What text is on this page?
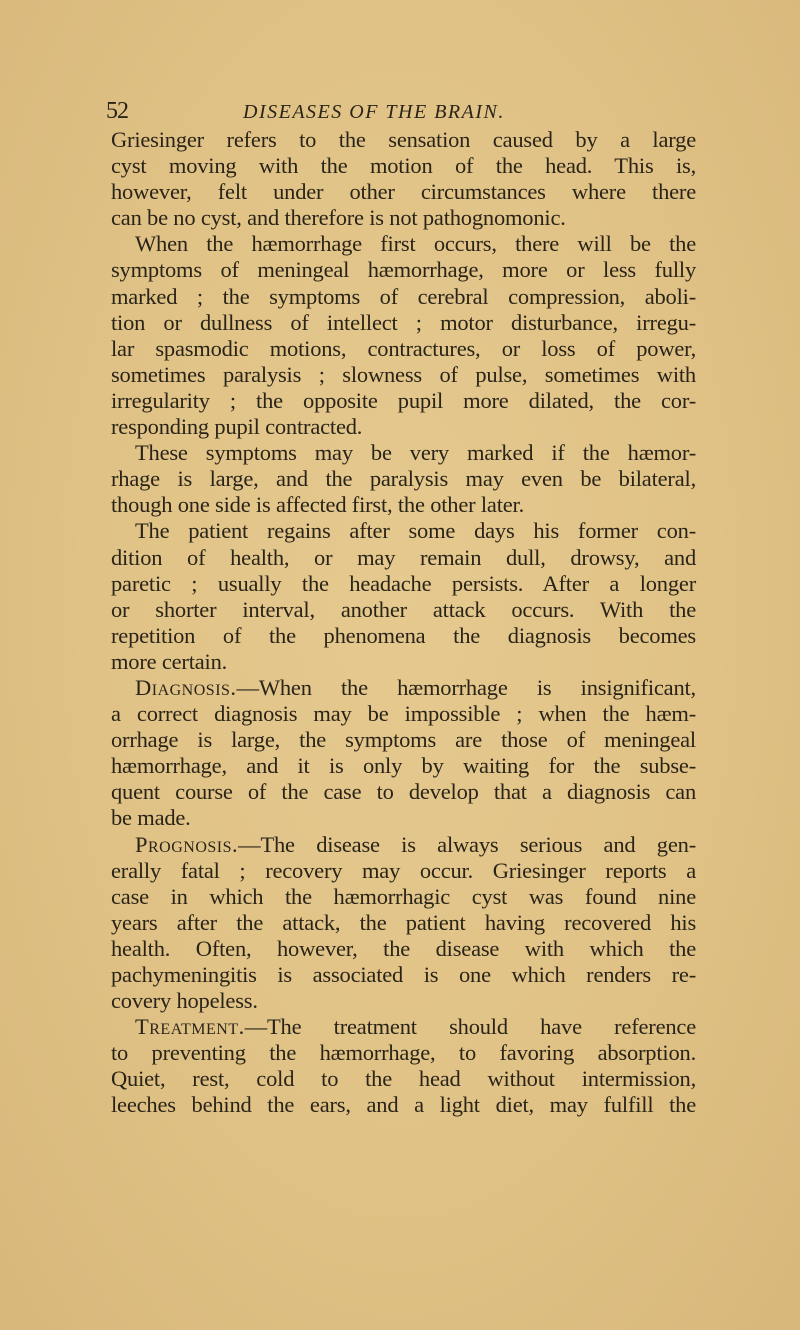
52	DISEASES OF THE BRAIN.
Griesinger refers to the sensation caused by a large
cyst moving with the motion of the head. This is,
however, felt under other circumstances where there
can be no cyst, and therefore is not pathognomonic.
When the hæmorrhage first occurs, there will be the
symptoms of meningeal hæmorrhage, more or less fully
marked ; the symptoms of cerebral compression, aboli-
tion or dullness of intellect ; motor disturbance, irregu-
lar spasmodic motions, contractures, or loss of power,
sometimes paralysis ; slowness of pulse, sometimes with
irregularity ; the opposite pupil more dilated, the cor-
responding pupil contracted.
These symptoms may be very marked if the hæmor-
rhage is large, and the paralysis may even be bilateral,
though one side is affected first, the other later.
The patient regains after some days his former con-
dition of health, or may remain dull, drowsy, and
paretic ; usually the headache persists. After a longer
or shorter interval, another attack occurs. With the
repetition of the phenomena the diagnosis becomes
more certain.
Diagnosis.—When the hæmorrhage is insignificant,
a correct diagnosis may be impossible ; when the hæm-
orrhage is large, the symptoms are those of meningeal
hæmorrhage, and it is only by waiting for the subse-
quent course of the case to develop that a diagnosis can
be made.
Prognosis.—The disease is always serious and gen-
erally fatal ; recovery may occur. Griesinger reports a
case in which the hæmorrhagic cyst was found nine
years after the attack, the patient having recovered his
health. Often, however, the disease with which the
pachymeningitis is associated is one which renders re-
covery hopeless.
Treatment.—The treatment should have reference
to preventing the hæmorrhage, to favoring absorption.
Quiet, rest, cold to the head without intermission,
leeches behind the ears, and a light diet, may fulfill the
